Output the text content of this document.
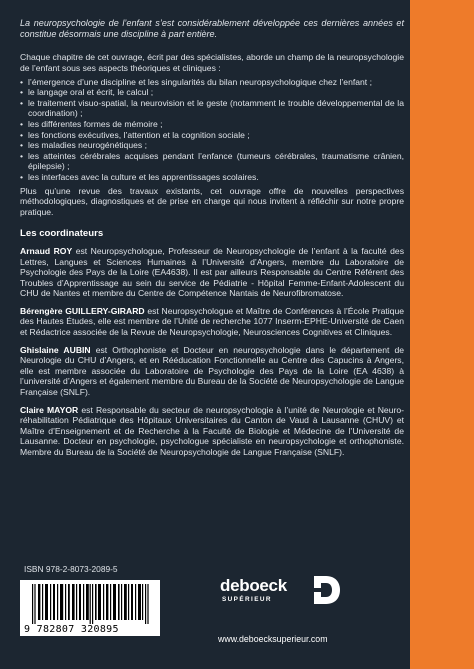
La neuropsychologie de l’enfant s’est considérablement développée ces dernières années et constitue désormais une discipline à part entière.

Chaque chapitre de cet ouvrage, écrit par des spécialistes, aborde un champ de la neuropsychologie de l’enfant sous ses aspects théoriques et cliniques :

• l’émergence d’une discipline et les singularités du bilan neuropsychologique chez l’enfant ;
• le langage oral et écrit, le calcul ;
• le traitement visuo-spatial, la neurovision et le geste (notamment le trouble développemental de la coordination) ;
• les différentes formes de mémoire ;
• les fonctions exécutives, l’attention et la cognition sociale ;
• les maladies neurogénétiques ;
• les atteintes cérébrales acquises pendant l’enfance (tumeurs cérébrales, traumatisme crânien, épilepsie) ;
• les interfaces avec la culture et les apprentissages scolaires.

Plus qu’une revue des travaux existants, cet ouvrage offre de nouvelles perspectives méthodologiques, diagnostiques et de prise en charge qui nous invitent à réfléchir sur notre propre pratique.

Les coordinateurs

Arnaud ROY est Neuropsychologue, Professeur de Neuropsychologie de l’enfant à la faculté des Lettres, Langues et Sciences Humaines à l’Université d’Angers, membre du Laboratoire de Psychologie des Pays de la Loire (EA4638). Il est par ailleurs Responsable du Centre Référent des Troubles d’Apprentissage au sein du service de Pédiatrie - Hôpital Femme-Enfant-Adolescent du CHU de Nantes et membre du Centre de Compétence Nantais de Neurofibromatose.

Bérengère GUILLERY-GIRARD est Neuropsychologue et Maître de Conférences à l’École Pratique des Hautes Études, elle est membre de l’Unité de recherche 1077 Inserm-EPHE-Université de Caen et Rédactrice associée de la Revue de Neuropsychologie, Neurosciences Cognitives et Cliniques.

Ghislaine AUBIN est Orthophoniste et Docteur en neuropsychologie dans le département de Neurologie du CHU d’Angers, et en Rééducation Fonctionnelle au Centre des Capucins à Angers, elle est membre associée du Laboratoire de Psychologie des Pays de la Loire (EA 4638) à l’université d’Angers et également membre du Bureau de la Société de Neuropsychologie de Langue Française (SNLF).

Claire MAYOR est Responsable du secteur de neuropsychologie à l’unité de Neurologie et Neuro-réhabilitation Pédiatrique des Hôpitaux Universitaires du Canton de Vaud à Lausanne (CHUV) et Maître d’Enseignement et de Recherche à la Faculté de Biologie et Médecine de l’Université de Lausanne. Docteur en psychologie, psychologue spécialiste en neuropsychologie et orthophoniste. Membre du Bureau de la Société de Neuropsychologie de Langue Française (SNLF).

ISBN 978-2-8073-2089-5
9 782807 320895
deboeck
SUPÉRIEUR
www.deboecksuperieur.com
